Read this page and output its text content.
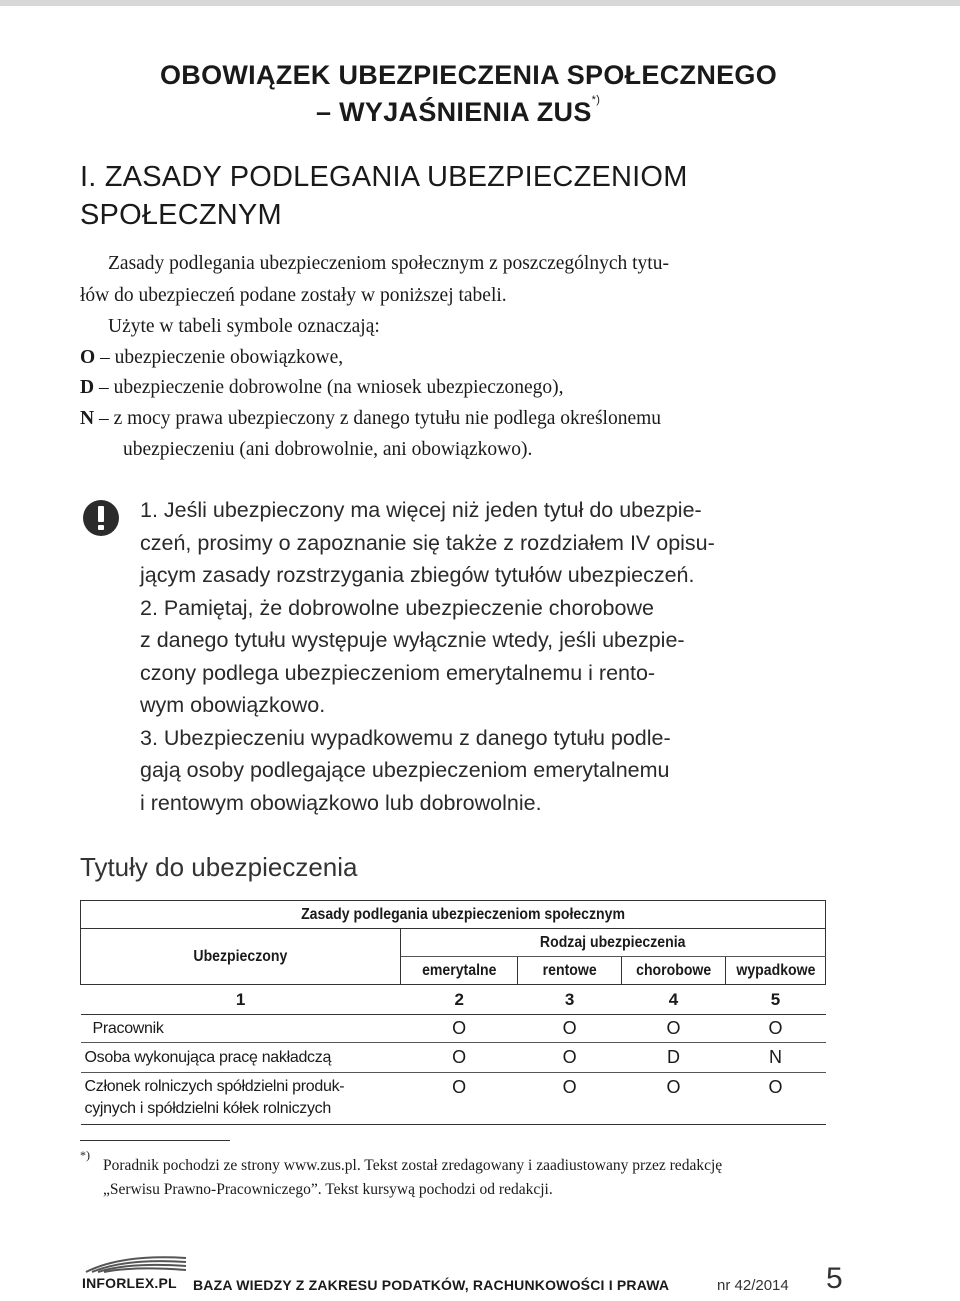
OBOWIĄZEK UBEZPIECZENIA SPOŁECZNEGO
– WYJAŚNIENIA ZUS*)
I. ZASADY PODLEGANIA UBEZPIECZENIOM
SPOŁECZNYM
Zasady podlegania ubezpieczeniom społecznym z poszczególnych tytu-
łów do ubezpieczeń podane zostały w poniższej tabeli.
Użyte w tabeli symbole oznaczają:
O – ubezpieczenie obowiązkowe,
D – ubezpieczenie dobrowolne (na wniosek ubezpieczonego),
N – z mocy prawa ubezpieczony z danego tytułu nie podlega określonemu
ubezpieczeniu (ani dobrowolnie, ani obowiązkowo).

1. Jeśli ubezpieczony ma więcej niż jeden tytuł do ubezpie-

czeń, prosimy o zapoznanie się także z rozdziałem IV opisu-

jącym zasady rozstrzygania zbiegów tytułów ubezpieczeń.

2. Pamiętaj, że dobrowolne ubezpieczenie chorobowe

z danego tytułu występuje wyłącznie wtedy, jeśli ubezpie-

czony podlega ubezpieczeniom emerytalnemu i rento-

wym obowiązkowo.

3. Ubezpieczeniu wypadkowemu z danego tytułu podle-

gają osoby podlegające ubezpieczeniom emerytalnemu

i rentowym obowiązkowo lub dobrowolnie.

Tytuły do ubezpieczenia
	Zasady podlegania ubezpieczeniom społecznym			
Ubezpieczony	Rodzaj ubezpieczenia			
	emerytalne	rentowe	chorobowe	wypadkowe
1	2	3	4	5
Pracownik	O	O	O	O
Osoba wykonująca pracę nakładczą	O	O	D	N
Członek rolniczych spółdzielni produk-
cyjnych i spółdzielni kółek rolniczych	O	O	O	O
*)
Poradnik pochodzi ze strony www.zus.pl. Tekst został zredagowany i zaadiustowany przez redakcję
„Serwisu Prawno-Pracowniczego”. Tekst kursywą pochodzi od redakcji.
INFORLEX.PL BAZA WIEDZY Z ZAKRESU PODATKÓW, RACHUNKOWOŚCI I PRAWA	nr 42/2014 5
